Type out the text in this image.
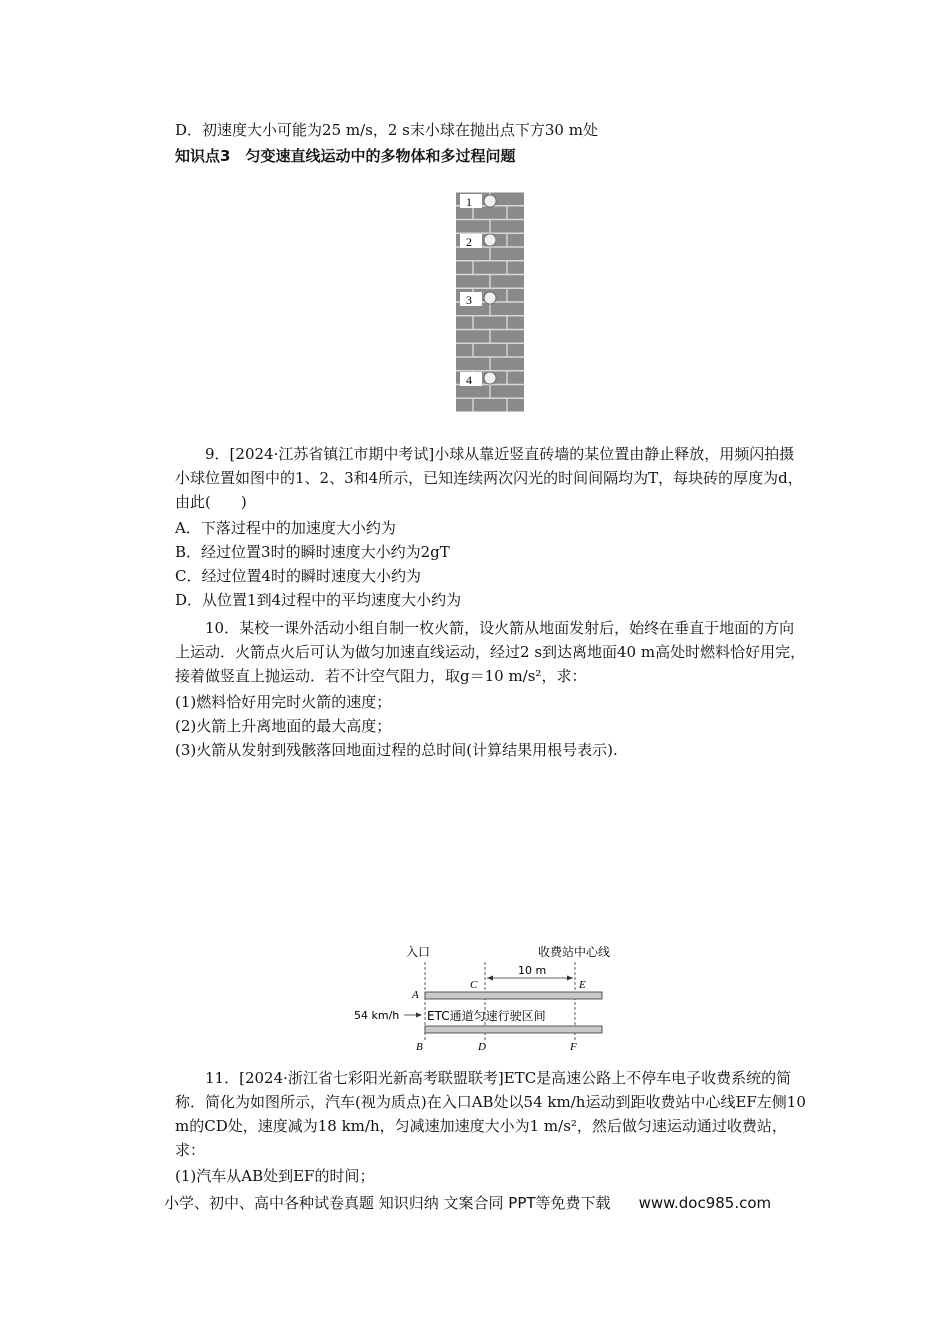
D．初速度大小可能为25 m/s，2 s末小球在抛出点下方30 m处
知识点3　匀变速直线运动中的多物体和多过程问题
1
2
3
4
9．[2024·江苏省镇江市期中考试]小球从靠近竖直砖墙的某位置由静止释放，用频闪拍摄小球位置如图中的1、2、3和4所示，已知连续两次闪光的时间间隔均为T，每块砖的厚度为d，由此(　　)
A．下落过程中的加速度大小约为
B．经过位置3时的瞬时速度大小约为2gT
C．经过位置4时的瞬时速度大小约为
D．从位置1到4过程中的平均速度大小约为
10．某校一课外活动小组自制一枚火箭，设火箭从地面发射后，始终在垂直于地面的方向上运动．火箭点火后可认为做匀加速直线运动，经过2 s到达离地面40 m高处时燃料恰好用完，接着做竖直上抛运动．若不计空气阻力，取g＝10 m/s²，求：
(1)燃料恰好用完时火箭的速度；
(2)火箭上升离地面的最大高度；
(3)火箭从发射到残骸落回地面过程的总时间(计算结果用根号表示).
入口	收费站中心线
10 m
C	E
A
54 km/h ETC通道匀速行驶区间
B	D	F
11．[2024·浙江省七彩阳光新高考联盟联考]ETC是高速公路上不停车电子收费系统的简称．简化为如图所示，汽车(视为质点)在入口AB处以54 km/h运动到距收费站中心线EF左侧10 m的CD处，速度减为18 km/h，匀减速加速度大小为1 m/s²，然后做匀速运动通过收费站，求：
(1)汽车从AB处到EF的时间；
小学、初中、高中各种试卷真题 知识归纳 文案合同 PPT等免费下载 www.doc985.com
